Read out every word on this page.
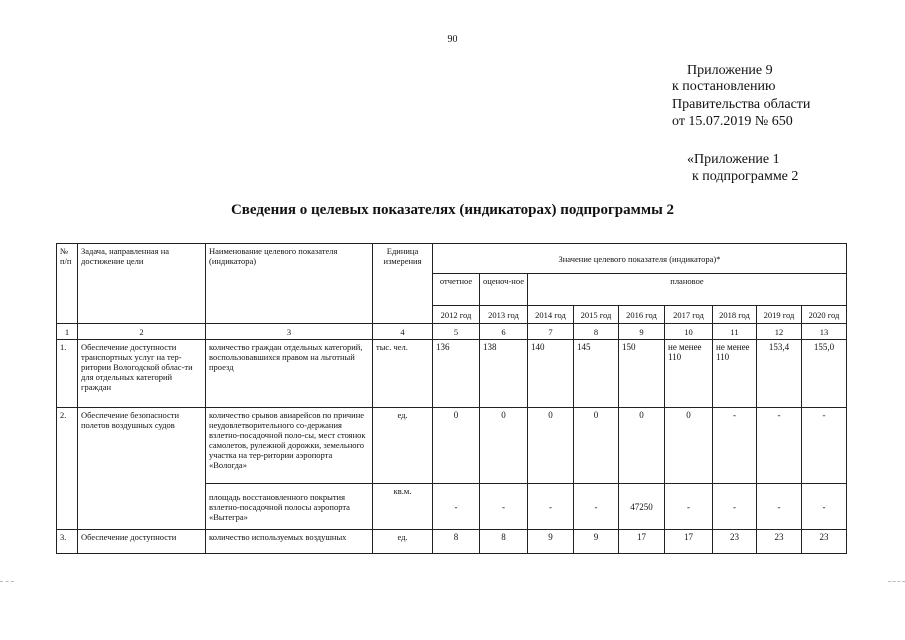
90
Приложение 9
к постановлению
Правительства области
от 15.07.2019 № 650
«Приложение 1
к подпрограмме 2
Сведения о целевых показателях (индикаторах) подпрограммы 2
№ п/п	Задача, направленная на достижение цели	Наименование целевого показателя (индикатора)	Единица измерения	Значение целевого показателя (индикатора)*								
				отчетное	оценоч-ное	плановое						
				2012 год	2013 год	2014 год	2015 год	2016 год	2017 год	2018 год	2019 год	2020 год
1	2	3	4	5	6	7	8	9	10	11	12	13
1.	Обеспечение доступности транспортных услуг на тер-ритории Вологодской облас-ти для отдельных категорий граждан	количество граждан отдельных категорий, воспользовавшихся правом на льготный проезд	тыс. чел.	136	138	140	145	150	не менее 110	не менее 110	153,4	155,0
2.	Обеспечение безопасности полетов воздушных судов	количество срывов авиарейсов по причине неудовлетворительного со-держания взлетно-посадочной поло-сы, мест стоянок самолетов, рулежной дорожки, земельного участка на тер-ритории аэропорта «Вологда»	ед.	0	0	0	0	0	0	-	-	-
		площадь восстановленного покрытия взлетно-посадочной полосы аэропорта «Вытегра»	кв.м.	-	-	-	-	47250	-	-	-	-
3.	Обеспечение доступности	количество используемых воздушных	ед.	8	8	9	9	17	17	23	23	23
